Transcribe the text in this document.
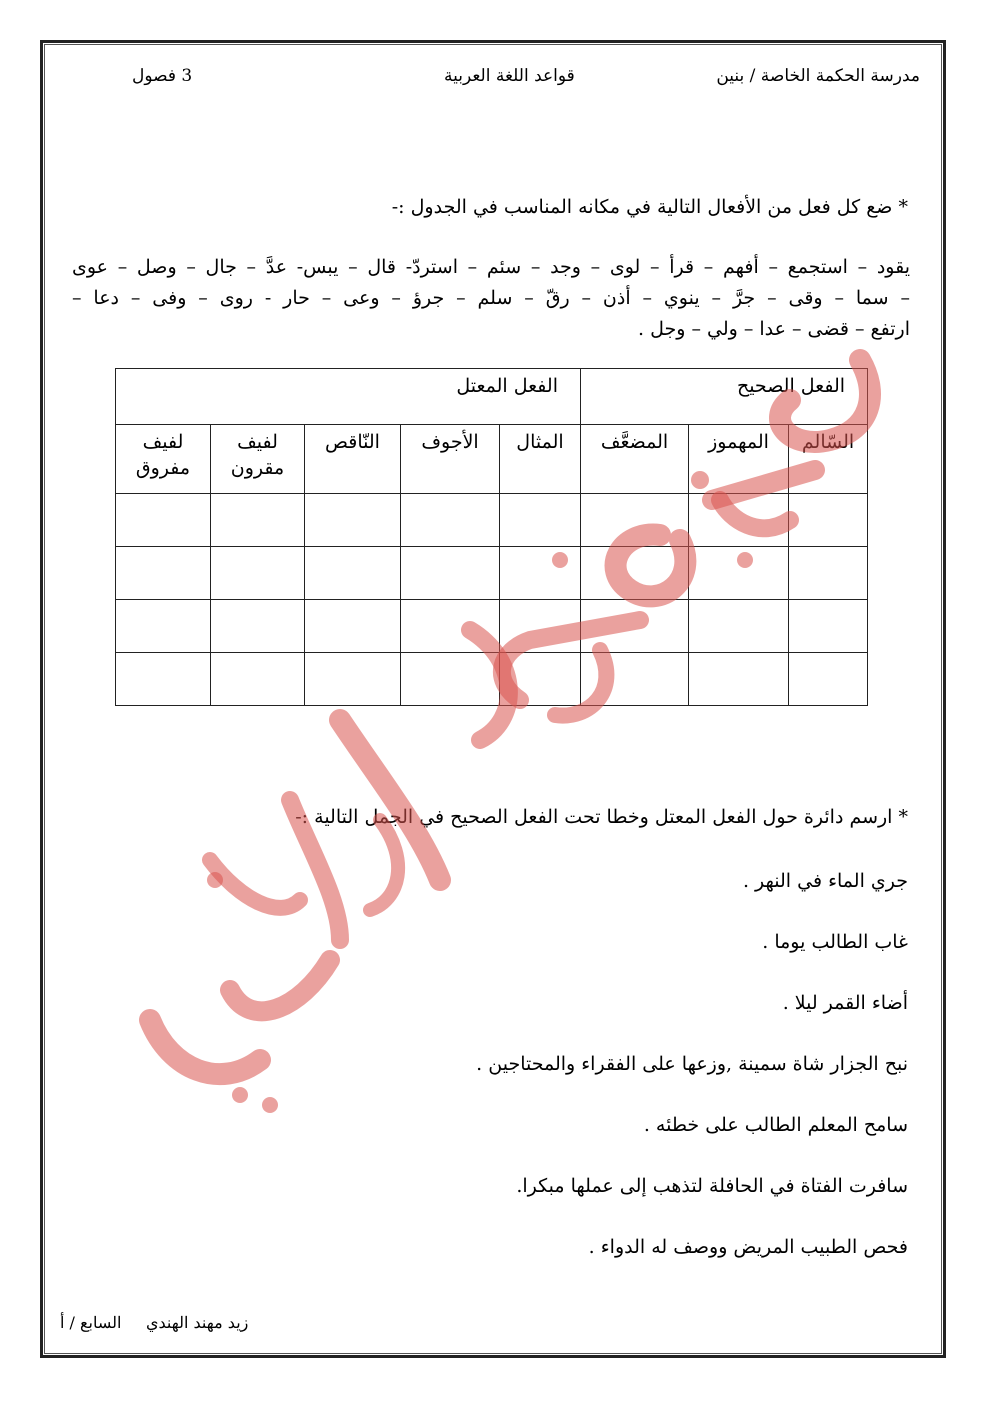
مدرسة الحكمة الخاصة / بنين
قواعد اللغة العربية
3 فصول
* ضع كل فعل من الأفعال التالية في مكانه المناسب في الجدول :-
يقود – استجمع – أفهم – قرأ – لوى – وجد – سئم – استردّ- قال – يبس- عدَّ – جال – وصل – عوى
– سما – وقى – جرَّ – ينوي – أذن – رقّ – سلم – جرؤ – وعى – حار - روى – وفى – دعا –
ارتفع – قضى – عدا – ولي – وجل .
الفعل الصحيح			الفعل المعتل				
السّالم	المهموز	المضعَّف	المثال	الأجوف	النّاقص	لفيف مقرون	لفيف مفروق

* ارسم دائرة حول الفعل المعتل وخطا تحت الفعل الصحيح في الجمل التالية :-
جري الماء في النهر .
غاب الطالب يوما .
أضاء القمر ليلا .
نبح الجزار شاة سمينة ,وزعها على الفقراء والمحتاجين .
سامح المعلم الطالب على خطئه .
سافرت الفتاة في الحافلة لتذهب إلى عملها مبكرا.
فحص الطبيب المريض ووصف له الدواء .
زيد مهند الهندي
السابع / أ
